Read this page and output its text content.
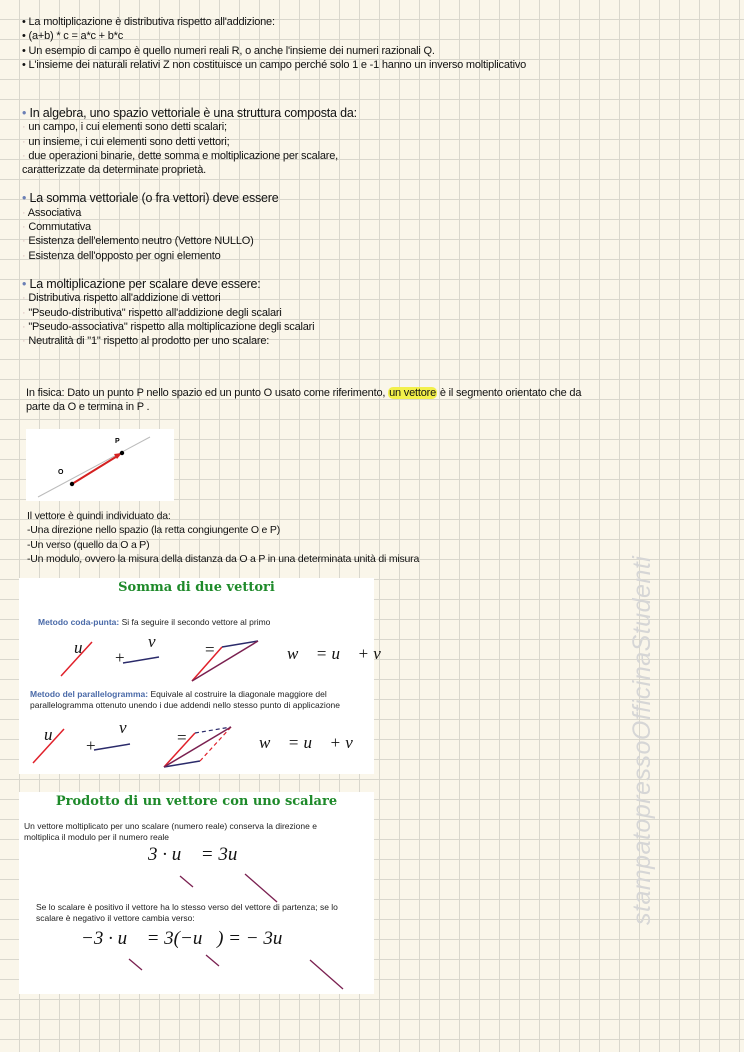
• La moltiplicazione è distributiva rispetto all'addizione:
• (a+b) * c = a*c + b*c
• Un esempio di campo è quello numeri reali R, o anche l'insieme dei numeri razionali Q.
• L'insieme dei naturali relativi Z non costituisce un campo perché solo 1 e -1 hanno un inverso moltiplicativo
• In algebra, uno spazio vettoriale è una struttura composta da:
· un campo, i cui elementi sono detti scalari;
· un insieme, i cui elementi sono detti vettori;
· due operazioni binarie, dette somma e moltiplicazione per scalare,
caratterizzate da determinate proprietà.
• La somma vettoriale (o fra vettori) deve essere
· Associativa
· Commutativa
· Esistenza dell'elemento neutro (Vettore NULLO)
· Esistenza dell'opposto per ogni elemento
• La moltiplicazione per scalare deve essere:
· Distributiva rispetto all'addizione di vettori
· "Pseudo-distributiva" rispetto all'addizione degli scalari
· "Pseudo-associativa" rispetto alla moltiplicazione degli scalari
· Neutralità di "1" rispetto al prodotto per uno scalare:
In fisica: Dato un punto P nello spazio ed un punto O usato come riferimento, un vettore è il segmento orientato che da
parte da O e termina in P .
P
O
Il vettore è quindi individuato da:
-Una direzione nello spazio (la retta congiungente O e P)
-Un verso (quello da O a P)
-Un modulo, ovvero la misura della distanza da O a P in una determinata unità di misura
Somma di due vettori
Metodo coda-punta: Si fa seguire il secondo vettore al primo
u⃗
+
v⃗ =	w⃗ = u⃗ + v⃗
Metodo del parallelogramma: Equivale al costruire la diagonale maggiore del
parallelogramma ottenuto unendo i due addendi nello stesso punto di applicazione
u⃗
+
v⃗
=	w⃗ = u⃗ + v⃗
Prodotto di un vettore con uno scalare
Un vettore moltiplicato per uno scalare (numero reale) conserva la direzione e
moltiplica il modulo per il numero reale
3 · u⃗ = 3u⃗
Se lo scalare è positivo il vettore ha lo stesso verso del vettore di partenza; se lo
scalare è negativo il vettore cambia verso:
−3 · u⃗ = 3(−u⃗) = − 3u⃗
stampatopressoOfficinaStudenti
